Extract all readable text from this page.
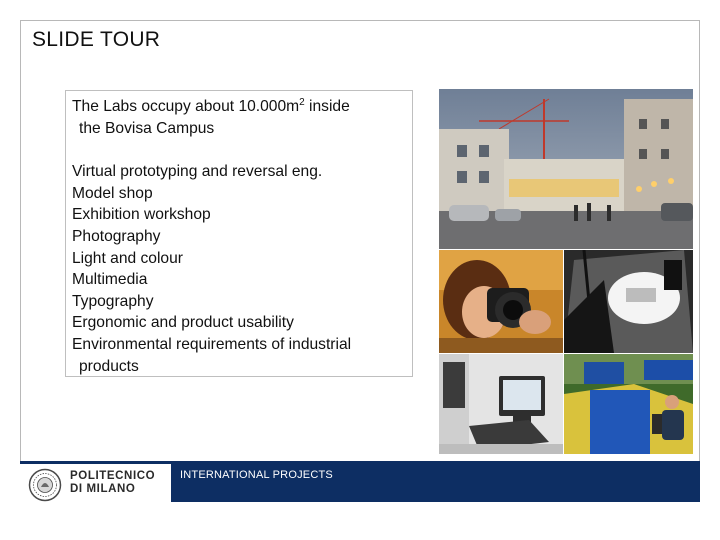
SLIDE TOUR

The Labs occupy about $10.000m^2$ inside
the Bovisa Campus

Virtual prototyping and reversal eng.
Model shop
Exhibition workshop
Photography
Light and colour
Multimedia
Typography
Ergonomic and product usability
Environmental requirements of industrial
products
POLITECNICO
DI MILANO
INTERNATIONAL PROJECTS
